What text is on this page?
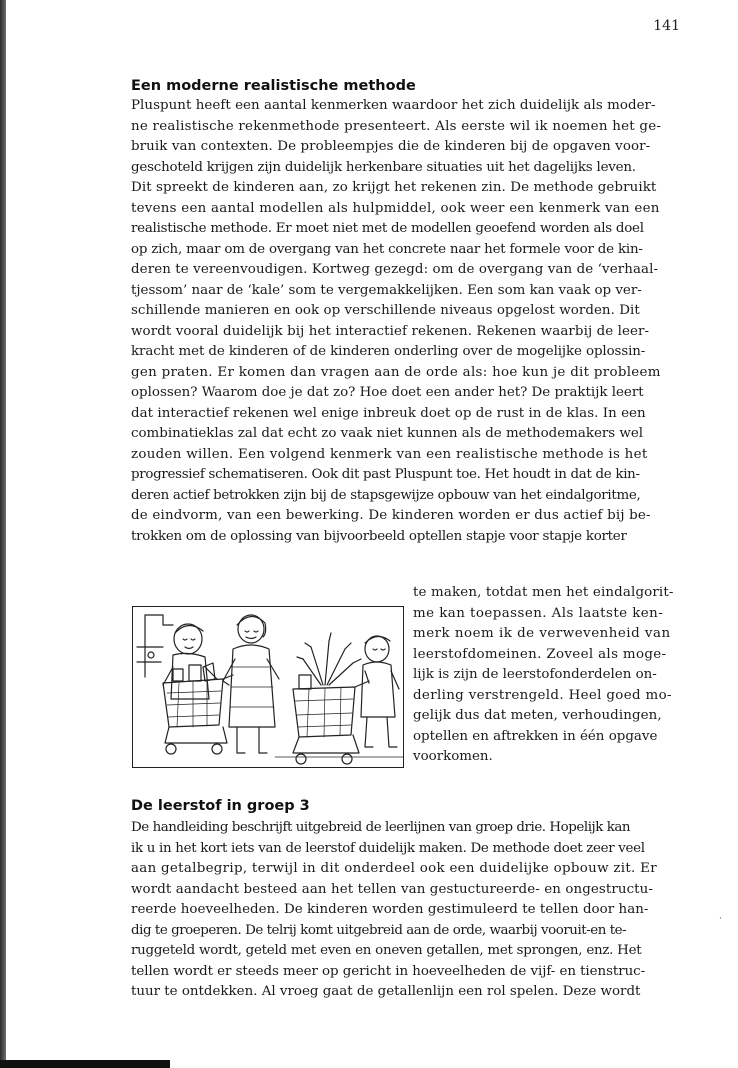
141
Een moderne realistische methode

Pluspunt heeft een aantal kenmerken waardoor het zich duidelijk als moder-
ne realistische rekenmethode presenteert. Als eerste wil ik noemen het ge-
bruik van contexten. De probleempjes die de kinderen bij de opgaven voor-
geschoteld krijgen zijn duidelijk herkenbare situaties uit het dagelijks leven.
Dit spreekt de kinderen aan, zo krijgt het rekenen zin. De methode gebruikt
tevens een aantal modellen als hulpmiddel, ook weer een kenmerk van een
realistische methode. Er moet niet met de modellen geoefend worden als doel
op zich, maar om de overgang van het concrete naar het formele voor de kin-
deren te vereenvoudigen. Kortweg gezegd: om de overgang van de ‘verhaal-
tjessom’ naar de ‘kale’ som te vergemakkelijken. Een som kan vaak op ver-
schillende manieren en ook op verschillende niveaus opgelost worden. Dit
wordt vooral duidelijk bij het interactief rekenen. Rekenen waarbij de leer-
kracht met de kinderen of de kinderen onderling over de mogelijke oplossin-
gen praten. Er komen dan vragen aan de orde als: hoe kun je dit probleem
oplossen? Waarom doe je dat zo? Hoe doet een ander het? De praktijk leert
dat interactief rekenen wel enige inbreuk doet op de rust in de klas. In een
combinatieklas zal dat echt zo vaak niet kunnen als de methodemakers wel
zouden willen. Een volgend kenmerk van een realistische methode is het
progressief schematiseren. Ook dit past Pluspunt toe. Het houdt in dat de kin-
deren actief betrokken zijn bij de stapsgewijze opbouw van het eindalgoritme,
de eindvorm, van een bewerking. De kinderen worden er dus actief bij be-
trokken om de oplossing van bijvoorbeeld optellen stapje voor stapje korter

te maken, totdat men het eindalgorit-
me kan toepassen. Als laatste ken-
merk noem ik de verwevenheid van
leerstofdomeinen. Zoveel als moge-
lijk is zijn de leerstofonderdelen on-
derling verstrengeld. Heel goed mo-
gelijk dus dat meten, verhoudingen,
optellen en aftrekken in één opgave
voorkomen.

De leerstof in groep 3

De handleiding beschrijft uitgebreid de leerlijnen van groep drie. Hopelijk kan
ik u in het kort iets van de leerstof duidelijk maken. De methode doet zeer veel
aan getalbegrip, terwijl in dit onderdeel ook een duidelijke opbouw zit. Er
wordt aandacht besteed aan het tellen van gestuctureerde- en ongestructu-
reerde hoeveelheden. De kinderen worden gestimuleerd te tellen door han-
dig te groeperen. De telrij komt uitgebreid aan de orde, waarbij vooruit-en te-
ruggeteld wordt, geteld met even en oneven getallen, met sprongen, enz. Het
tellen wordt er steeds meer op gericht in hoeveelheden de vijf- en tienstruc-
tuur te ontdekken. Al vroeg gaat de getallenlijn een rol spelen. Deze wordt

·
